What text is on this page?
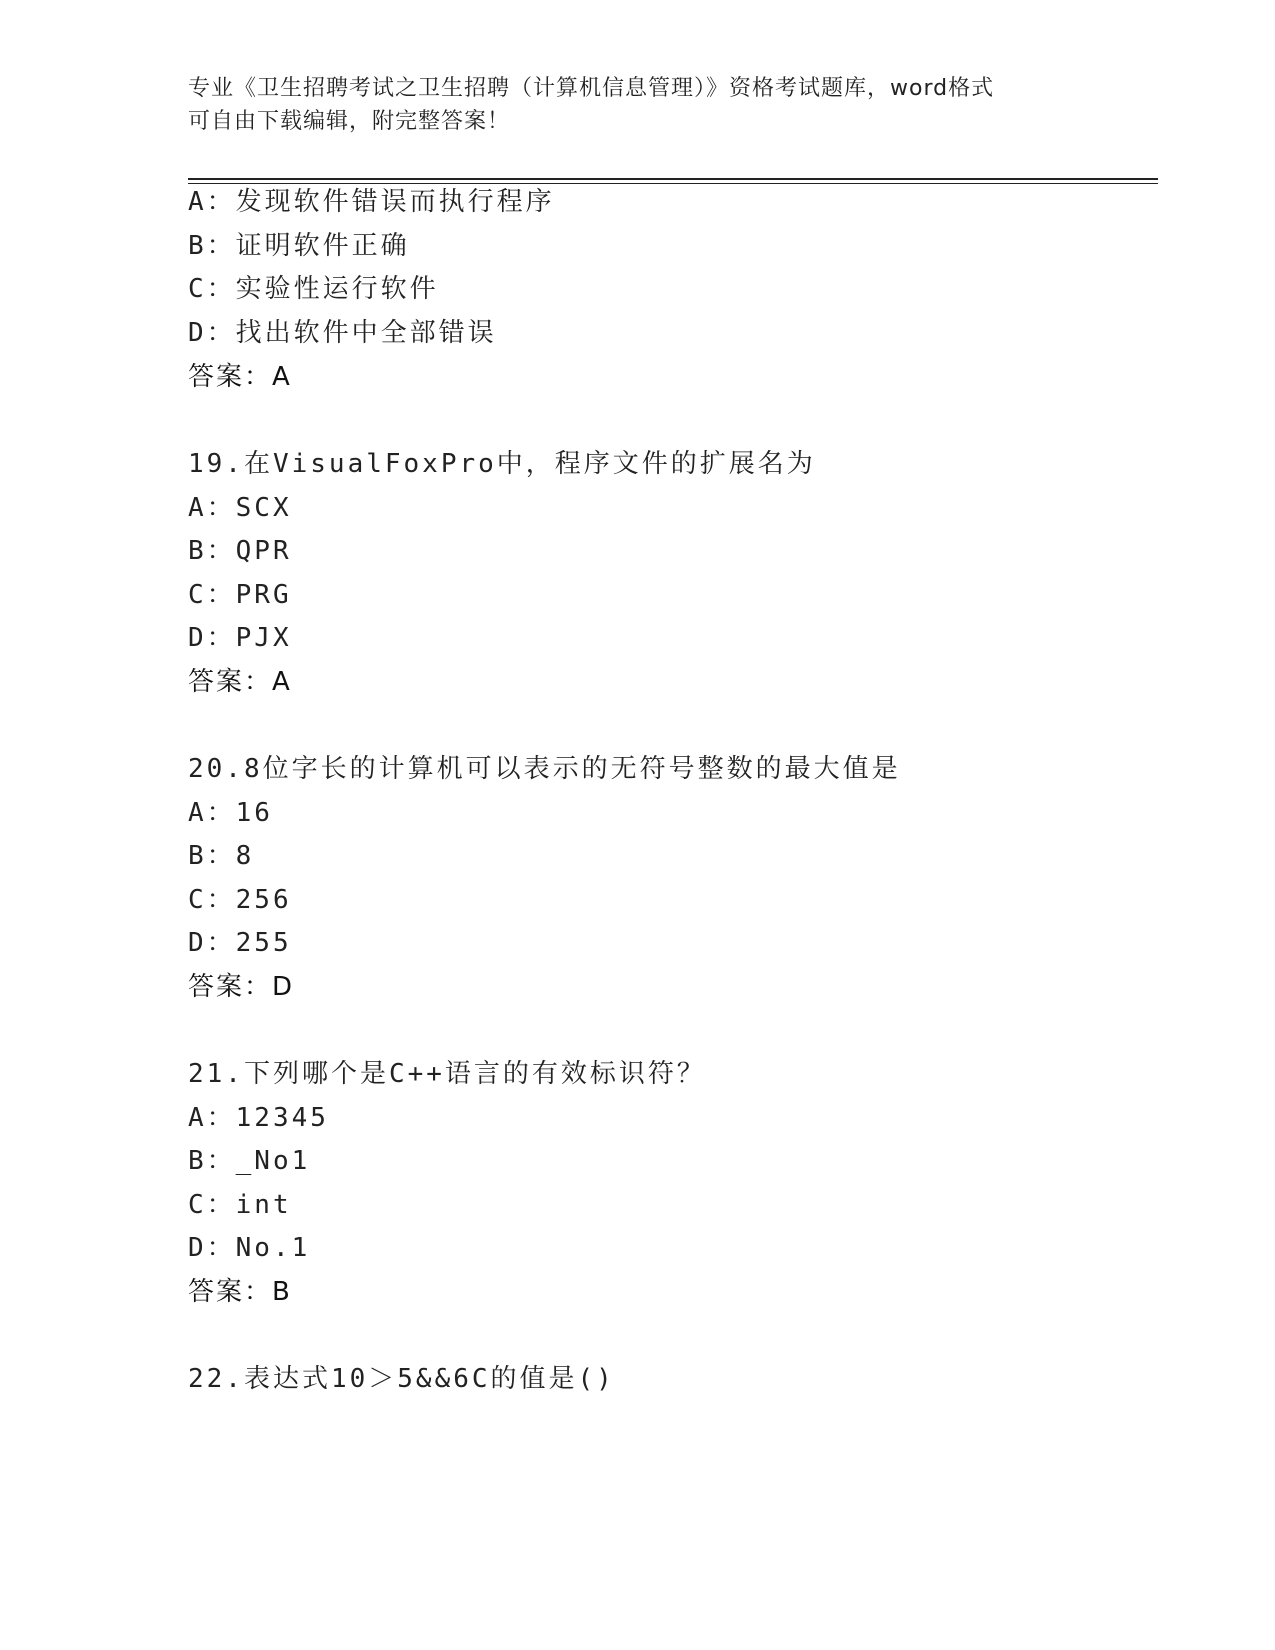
专业《卫生招聘考试之卫生招聘（计算机信息管理）》资格考试题库，word格式
可自由下载编辑，附完整答案！
A：发现软件错误而执行程序
B：证明软件正确
C：实验性运行软件
D：找出软件中全部错误
答案：A
19.在VisualFoxPro中，程序文件的扩展名为
A：SCX
B：QPR
C：PRG
D：PJX
答案：A
20.8位字长的计算机可以表示的无符号整数的最大值是
A：16
B：8
C：256
D：255
答案：D
21.下列哪个是C++语言的有效标识符？
A：12345
B：_No1
C：int
D：No.1
答案：B
22.表达式10＞5&&6C的值是()
